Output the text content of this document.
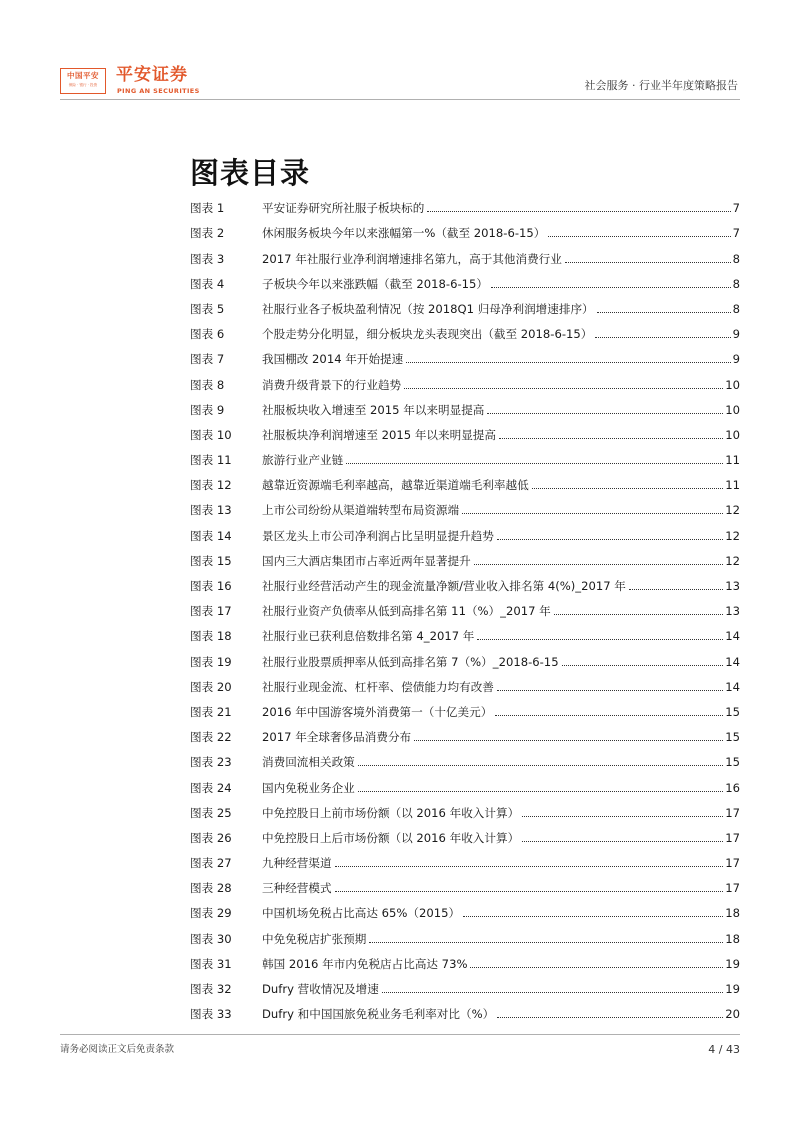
中国平安
保险 · 银行 · 投资	平安证券
PING AN SECURITIES	社会服务 · 行业半年度策略报告
图表目录
图表 1	平安证券研究所社服子板块标的	7
图表 2	休闲服务板块今年以来涨幅第一%（截至 2018-6-15）	7
图表 3	2017 年社服行业净利润增速排名第九，高于其他消费行业	8
图表 4	子板块今年以来涨跌幅（截至 2018-6-15）	8
图表 5	社服行业各子板块盈利情况（按 2018Q1 归母净利润增速排序）	8
图表 6	个股走势分化明显，细分板块龙头表现突出（截至 2018-6-15）	9
图表 7	我国棚改 2014 年开始提速	9
图表 8	消费升级背景下的行业趋势	10
图表 9	社服板块收入增速至 2015 年以来明显提高	10
图表 10	社服板块净利润增速至 2015 年以来明显提高	10
图表 11	旅游行业产业链	11
图表 12	越靠近资源端毛利率越高，越靠近渠道端毛利率越低	11
图表 13	上市公司纷纷从渠道端转型布局资源端	12
图表 14	景区龙头上市公司净利润占比呈明显提升趋势	12
图表 15	国内三大酒店集团市占率近两年显著提升	12
图表 16	社服行业经营活动产生的现金流量净额/营业收入排名第 4(%)_2017 年	13
图表 17	社服行业资产负债率从低到高排名第 11（%）_2017 年	13
图表 18	社服行业已获利息倍数排名第 4_2017 年	14
图表 19	社服行业股票质押率从低到高排名第 7（%）_2018-6-15	14
图表 20	社服行业现金流、杠杆率、偿债能力均有改善	14
图表 21	2016 年中国游客境外消费第一（十亿美元）	15
图表 22	2017 年全球奢侈品消费分布	15
图表 23	消费回流相关政策	15
图表 24	国内免税业务企业	16
图表 25	中免控股日上前市场份额（以 2016 年收入计算）	17
图表 26	中免控股日上后市场份额（以 2016 年收入计算）	17
图表 27	九种经营渠道	17
图表 28	三种经营模式	17
图表 29	中国机场免税占比高达 65%（2015）	18
图表 30	中免免税店扩张预期	18
图表 31	韩国 2016 年市内免税店占比高达 73%	19
图表 32	Dufry 营收情况及增速	19
图表 33	Dufry 和中国国旅免税业务毛利率对比（%）	20
请务必阅读正文后免责条款	4 / 43
